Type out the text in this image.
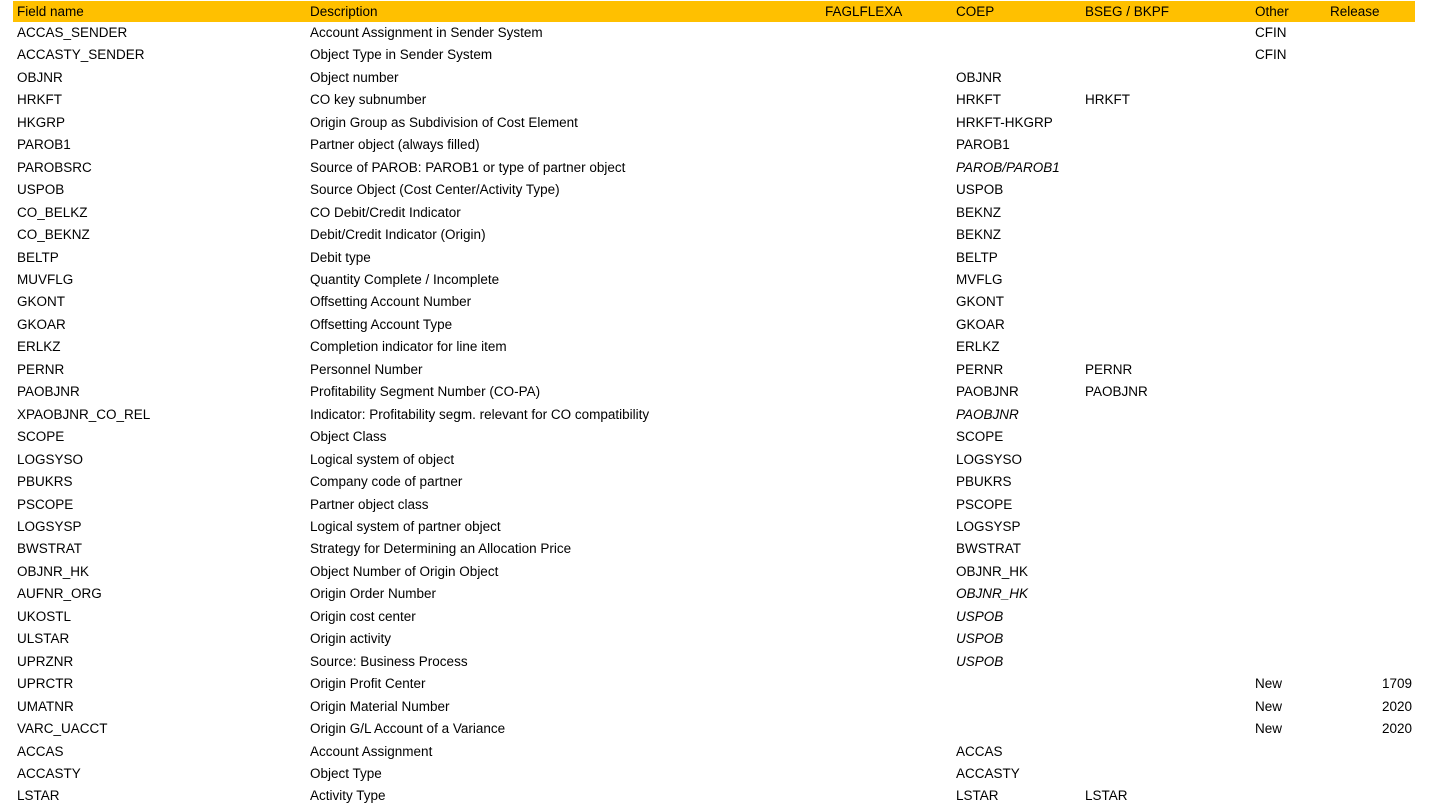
Field name	Description	FAGLFLEXA	COEP	BSEG / BKPF	Other	Release
ACCAS_SENDER	Account Assignment in Sender System				CFIN	
ACCASTY_SENDER	Object Type in Sender System				CFIN	
OBJNR	Object number		OBJNR			
HRKFT	CO key subnumber		HRKFT	HRKFT		
HKGRP	Origin Group as Subdivision of Cost Element		HRKFT-HKGRP			
PAROB1	Partner object (always filled)		PAROB1			
PAROBSRC	Source of PAROB: PAROB1 or type of partner object		PAROB/PAROB1			
USPOB	Source Object (Cost Center/Activity Type)		USPOB			
CO_BELKZ	CO Debit/Credit Indicator		BEKNZ			
CO_BEKNZ	Debit/Credit Indicator (Origin)		BEKNZ			
BELTP	Debit type		BELTP			
MUVFLG	Quantity Complete / Incomplete		MVFLG			
GKONT	Offsetting Account Number		GKONT			
GKOAR	Offsetting Account Type		GKOAR			
ERLKZ	Completion indicator for line item		ERLKZ			
PERNR	Personnel Number		PERNR	PERNR		
PAOBJNR	Profitability Segment Number (CO-PA)		PAOBJNR	PAOBJNR		
XPAOBJNR_CO_REL	Indicator: Profitability segm. relevant for CO compatibility		PAOBJNR			
SCOPE	Object Class		SCOPE			
LOGSYSO	Logical system of object		LOGSYSO			
PBUKRS	Company code of partner		PBUKRS			
PSCOPE	Partner object class		PSCOPE			
LOGSYSP	Logical system of partner object		LOGSYSP			
BWSTRAT	Strategy for Determining an Allocation Price		BWSTRAT			
OBJNR_HK	Object Number of Origin Object		OBJNR_HK			
AUFNR_ORG	Origin Order Number		OBJNR_HK			
UKOSTL	Origin cost center		USPOB			
ULSTAR	Origin activity		USPOB			
UPRZNR	Source: Business Process		USPOB			
UPRCTR	Origin Profit Center				New	1709
UMATNR	Origin Material Number				New	2020
VARC_UACCT	Origin G/L Account of a Variance				New	2020
ACCAS	Account Assignment		ACCAS			
ACCASTY	Object Type		ACCASTY			
LSTAR	Activity Type		LSTAR	LSTAR		
